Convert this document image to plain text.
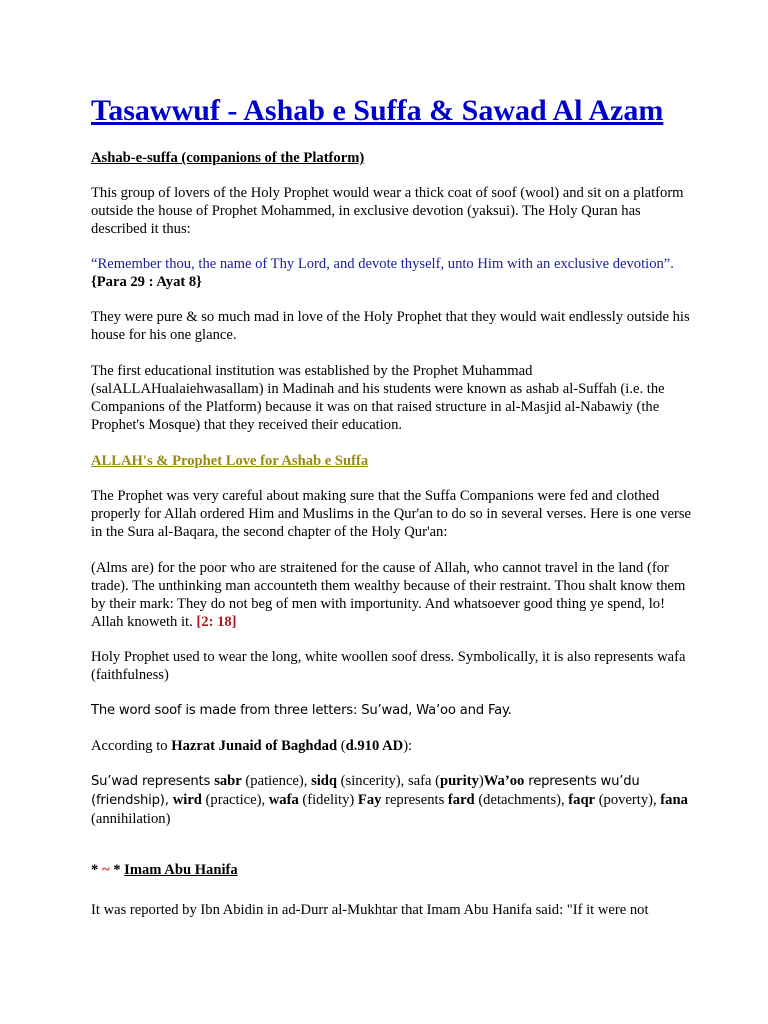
Tasawwuf - Ashab e Suffa & Sawad Al Azam
Ashab-e-suffa (companions of the Platform)
This group of lovers of the Holy Prophet would wear a thick coat of soof (wool) and sit on a platform outside the house of Prophet Mohammed, in exclusive devotion (yaksui). The Holy Quran has described it thus:
“Remember thou, the name of Thy Lord, and devote thyself, unto Him with an exclusive devotion”. {Para 29 : Ayat 8}
They were pure & so much mad in love of the Holy Prophet that they would wait endlessly outside his house for his one glance.
The first educational institution was established by the Prophet Muhammad (salALLAHualaiehwasallam) in Madinah and his students were known as ashab al-Suffah (i.e. the Companions of the Platform) because it was on that raised structure in al-Masjid al-Nabawiy (the Prophet's Mosque) that they received their education.
ALLAH's & Prophet Love for Ashab e Suffa
The Prophet was very careful about making sure that the Suffa Companions were fed and clothed properly for Allah ordered Him and Muslims in the Qur'an to do so in several verses. Here is one verse in the Sura al-Baqara, the second chapter of the Holy Qur'an:
(Alms are) for the poor who are straitened for the cause of Allah, who cannot travel in the land (for trade). The unthinking man accounteth them wealthy because of their restraint. Thou shalt know them by their mark: They do not beg of men with importunity. And whatsoever good thing ye spend, lo! Allah knoweth it. [2: 18]
Holy Prophet used to wear the long, white woollen soof dress. Symbolically, it is also represents wafa (faithfulness)
The word soof is made from three letters: Su’wad, Wa’oo and Fay.
According to Hazrat Junaid of Baghdad (d.910 AD):
Su’wad represents sabr (patience), sidq (sincerity), safa (purity)Wa’oo represents wu’du (friendship), wird (practice), wafa (fidelity) Fay represents fard (detachments), faqr (poverty), fana (annihilation)
* ~ * Imam Abu Hanifa
It was reported by Ibn Abidin in ad-Durr al-Mukhtar that Imam Abu Hanifa said: "If it were not
